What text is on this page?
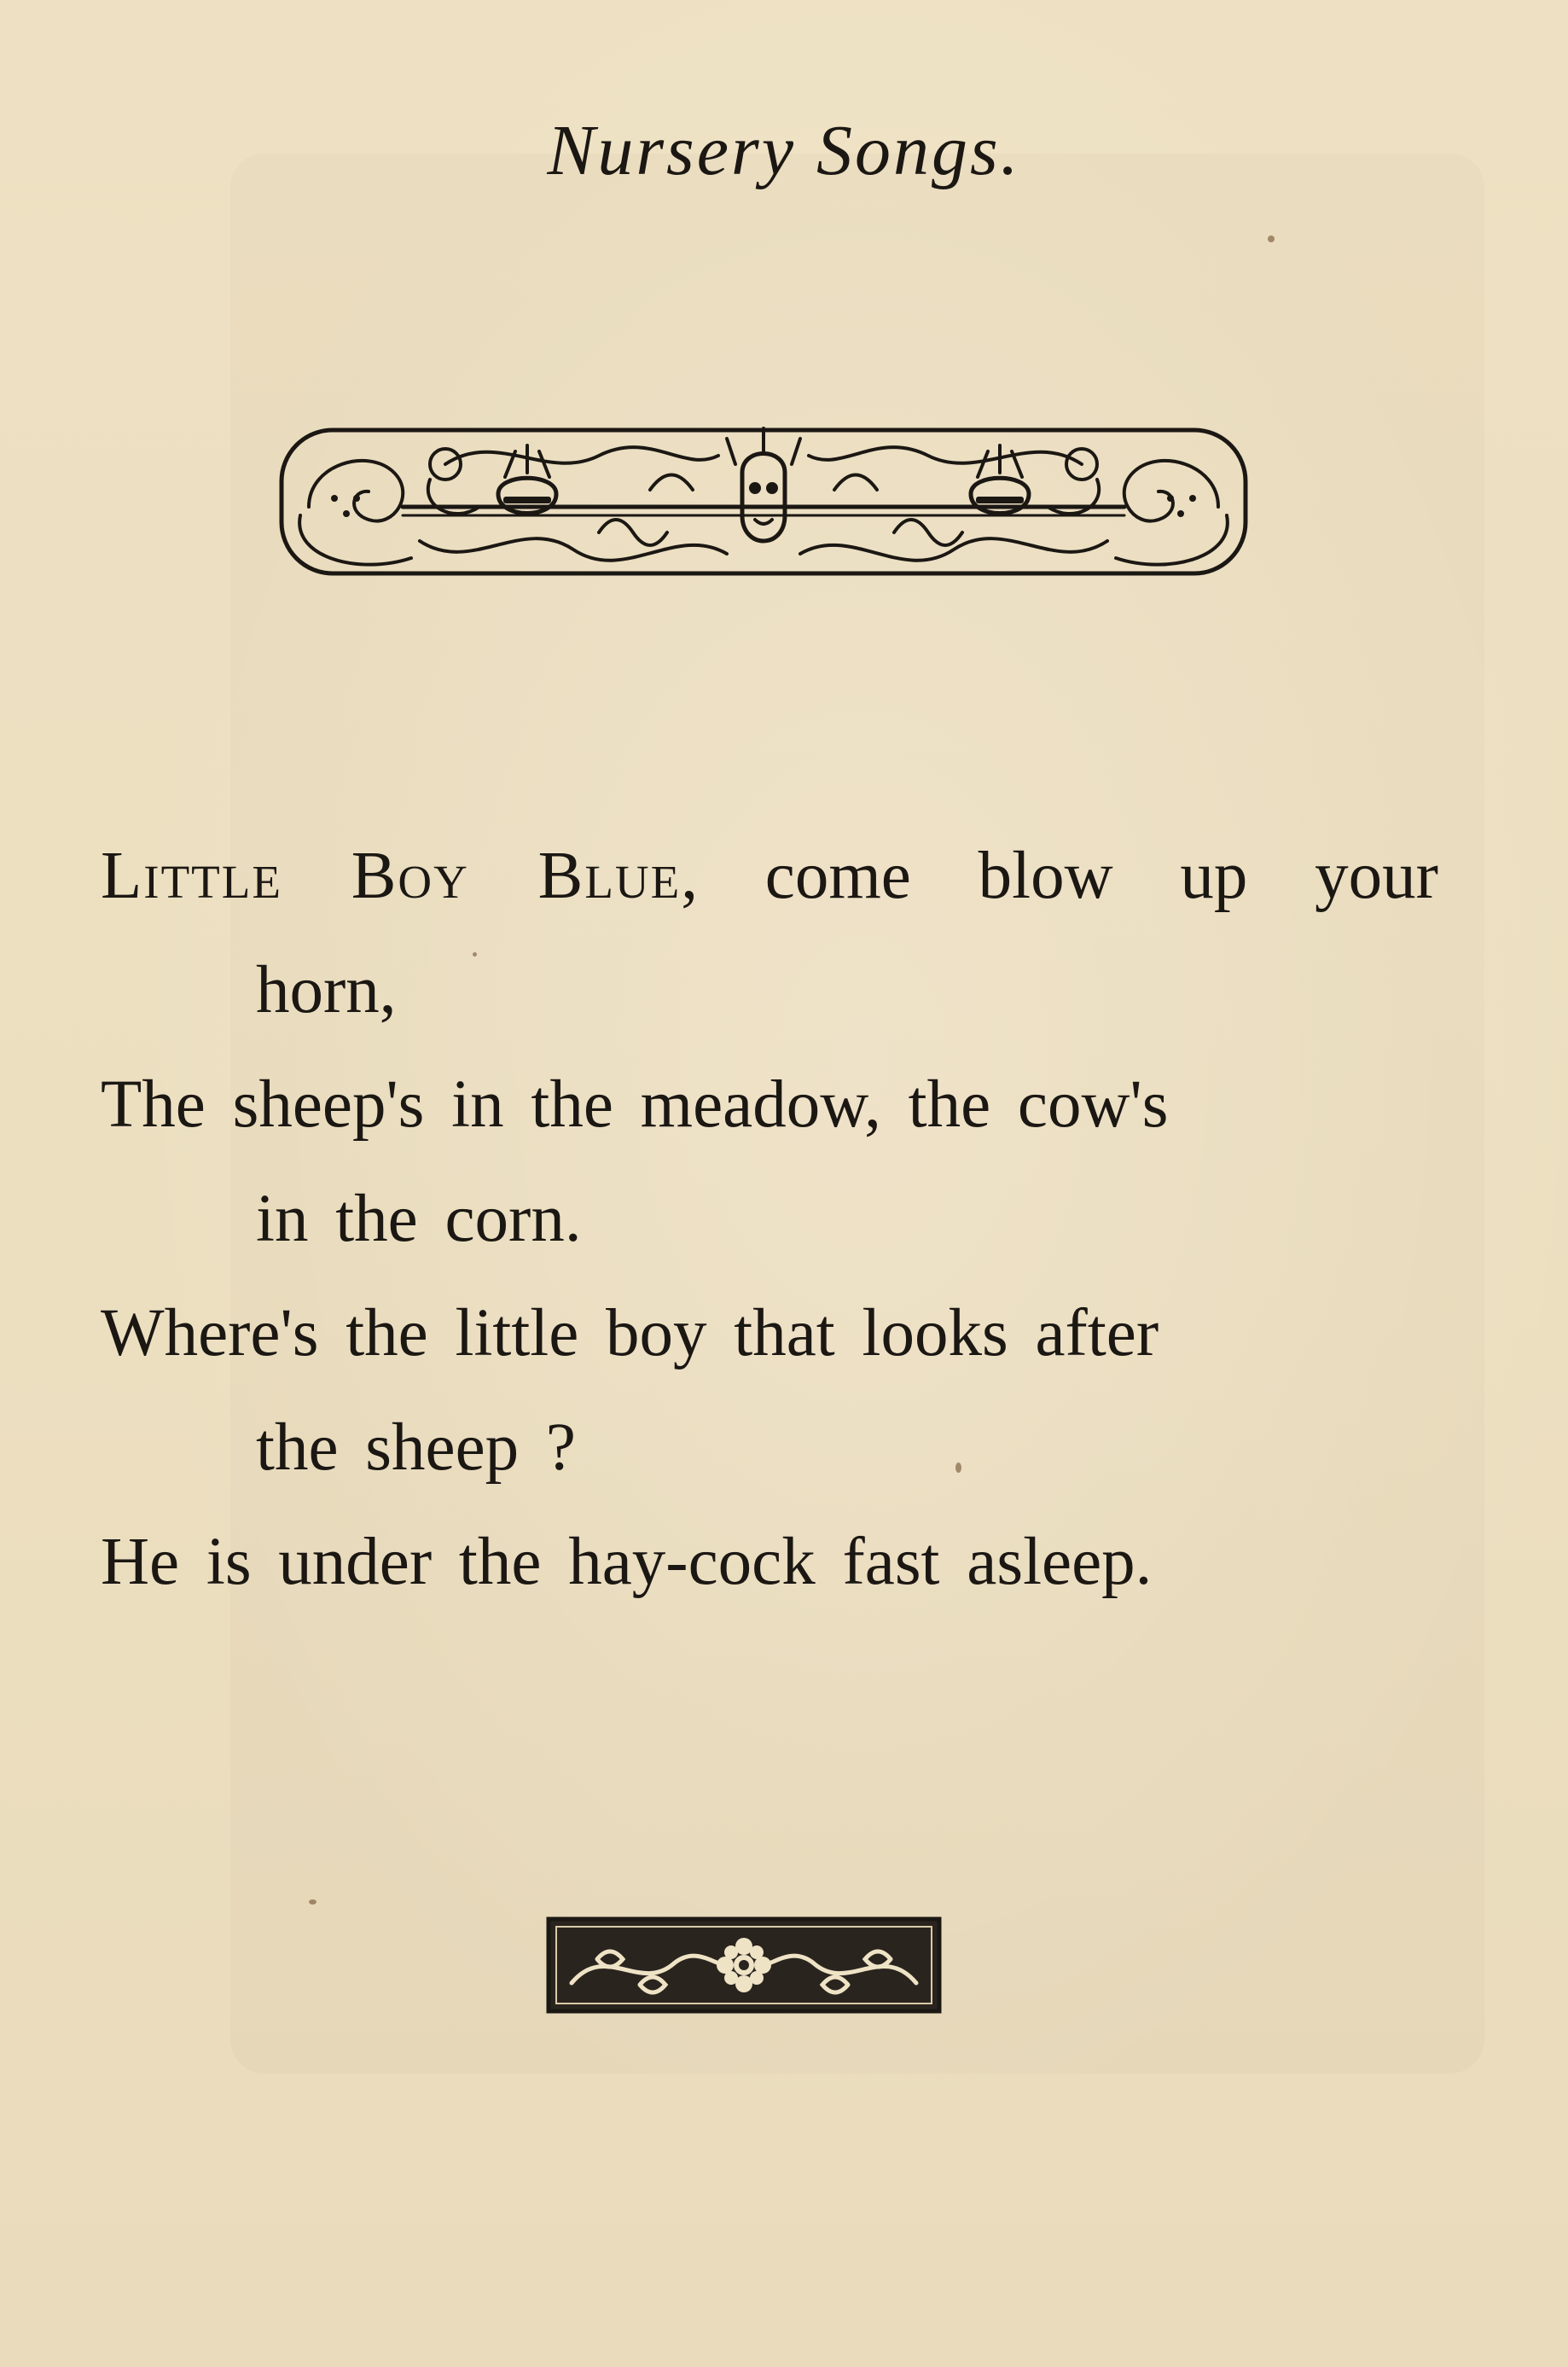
Nursery Songs.
Little Boy Blue, come blow up your
horn,
The sheep's in the meadow, the cow's
in the corn.
Where's the little boy that looks after
the sheep ?
He is under the hay-cock fast asleep.
